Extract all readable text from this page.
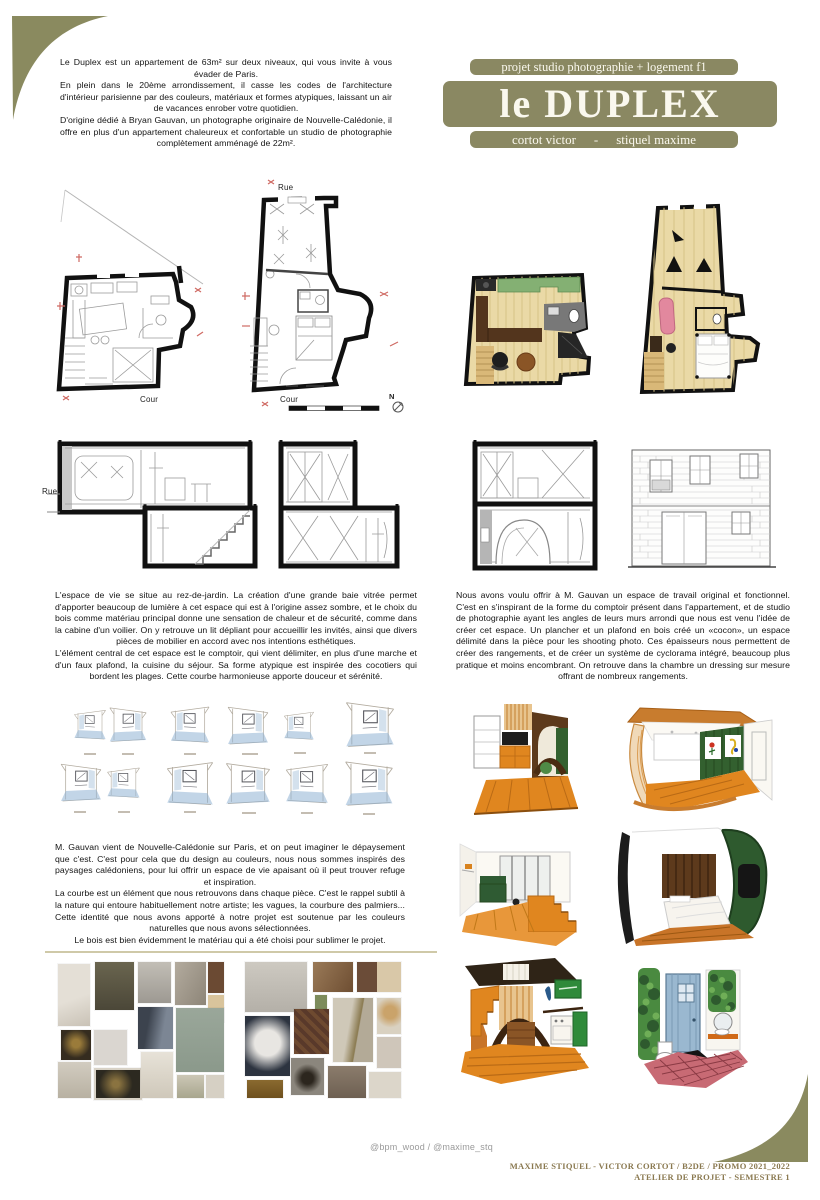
Le Duplex est un appartement de 63m² sur deux niveaux, qui vous invite à vous évader de Paris.

En plein dans le 20ème arrondissement, il casse les codes de l'architecture d'intérieur parisienne par des couleurs, matériaux et formes atypiques, laissant un air de vacances enrober votre quotidien.

D'origine dédié à Bryan Gauvan, un photographe originaire de Nouvelle-Calédonie, il offre en plus d'un appartement chaleureux et confortable un studio de photographie complètement amménagé de 22m².

projet studio photographie + logement f1
le DUPLEX
cortot victor - stiquel maxime
Cour
Rue
Cour	N
Rue

L'espace de vie se situe au rez-de-jardin. La création d'une grande baie vitrée permet d'apporter beaucoup de lumière à cet espace qui est à l'origine assez sombre, et le choix du bois comme matériau principal donne une sensation de chaleur et de sécurité, comme dans la cabine d'un voilier. On y retrouve un lit dépliant pour accueillir les invités, ainsi que divers pièces de mobilier en accord avec nos intentions esthétiques.

L'élément central de cet espace est le comptoir, qui vient délimiter, en plus d'une marche et d'un faux plafond, la cuisine du séjour. Sa forme atypique est inspirée des cocotiers qui bordent les plages. Cette courbe harmonieuse apporte douceur et sérénité.

Nous avons voulu offrir à M. Gauvan un espace de travail original et fonctionnel. C'est en s'inspirant de la forme du comptoir présent dans l'appartement, et de studio de photographie ayant les angles de leurs murs arrondi que nous est venu l'idée de créer cet espace. Un plancher et un plafond en bois créé un «cocon», un espace délimité dans la pièce pour les shooting photo. Ces épaisseurs nous permettent de créer des rangements, et de créer un système de cyclorama intégré, beaucoup plus pratique et moins encombrant. On retrouve dans la chambre un dressing sur mesure offrant de nombreux rangements.

M. Gauvan vient de Nouvelle-Calédonie sur Paris, et on peut imaginer le dépaysement que c'est. C'est pour cela que du design au couleurs, nous nous sommes inspirés des paysages calédoniens, pour lui offrir un espace de vie apaisant où il peut trouver refuge et inspiration.

La courbe est un élément que nous retrouvons dans chaque pièce. C'est le rappel subtil à la nature qui entoure habituellement notre artiste; les vagues, la courbure des palmiers... Cette identité que nous avons apporté à notre projet est soutenue par les couleurs naturelles que nous avons sélectionnées.

Le bois est bien évidemment le matériau qui a été choisi pour sublimer le projet.

@bpm_wood / @maxime_stq
MAXIME STIQUEL - VICTOR CORTOT / B2DE / PROMO 2021_2022
ATELIER DE PROJET - SEMESTRE 1
